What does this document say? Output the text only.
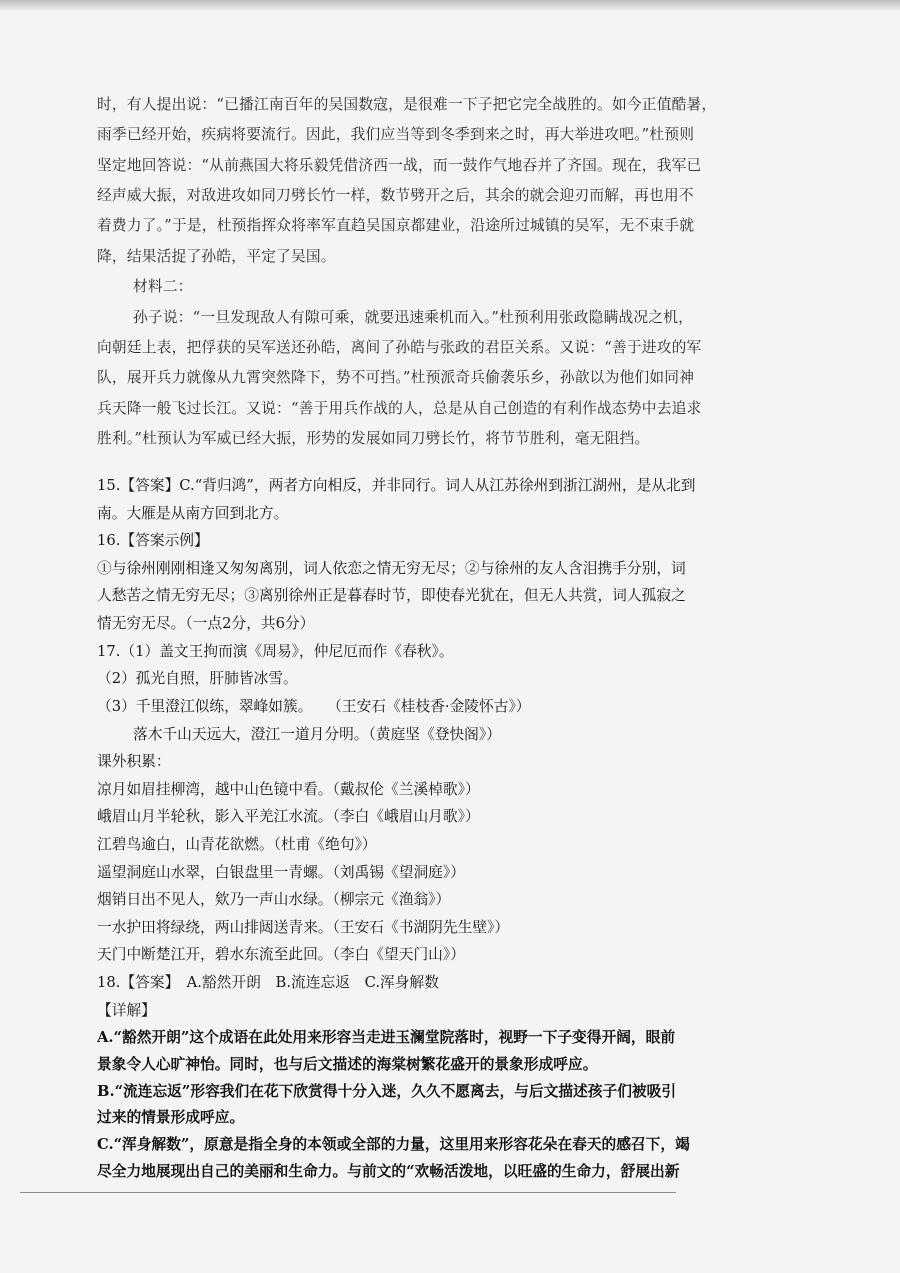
时，有人提出说：“已播江南百年的吴国数寇，是很难一下子把它完全战胜的。如今正值酷暑，
雨季已经开始，疾病将要流行。因此，我们应当等到冬季到来之时，再大举进攻吧。”杜预则
坚定地回答说：“从前燕国大将乐毅凭借济西一战，而一鼓作气地吞并了齐国。现在，我军已
经声威大振，对敌进攻如同刀劈长竹一样，数节劈开之后，其余的就会迎刃而解，再也用不
着费力了。”于是，杜预指挥众将率军直趋吴国京都建业，沿途所过城镇的吴军，无不束手就
降，结果活捉了孙皓，平定了吴国。
材料二：
孙子说：“一旦发现敌人有隙可乘，就要迅速乘机而入。”杜预利用张政隐瞒战况之机，
向朝廷上表，把俘获的吴军送还孙皓，离间了孙皓与张政的君臣关系。又说：“善于进攻的军
队，展开兵力就像从九霄突然降下，势不可挡。”杜预派奇兵偷袭乐乡，孙歆以为他们如同神
兵天降一般飞过长江。又说：“善于用兵作战的人，总是从自己创造的有利作战态势中去追求
胜利。”杜预认为军威已经大振，形势的发展如同刀劈长竹，将节节胜利，毫无阻挡。
15.【答案】C.“背归鸿”，两者方向相反，并非同行。词人从江苏徐州到浙江湖州，是从北到
南。大雁是从南方回到北方。
16.【答案示例】
①与徐州刚刚相逢又匆匆离别，词人依恋之情无穷无尽；②与徐州的友人含泪携手分别，词
人愁苦之情无穷无尽；③离别徐州正是暮春时节，即使春光犹在，但无人共赏，词人孤寂之
情无穷无尽。（一点2分，共6分）
17.（1）盖文王拘而演《周易》，仲尼厄而作《春秋》。
（2）孤光自照，肝肺皆冰雪。
（3）千里澄江似练，翠峰如簇。　　（王安石《桂枝香·金陵怀古》）
落木千山天远大，澄江一道月分明。（黄庭坚《登快阁》）
课外积累：
凉月如眉挂柳湾，越中山色镜中看。（戴叔伦《兰溪棹歌》）
峨眉山月半轮秋，影入平羌江水流。（李白《峨眉山月歌》）
江碧鸟逾白，山青花欲燃。（杜甫《绝句》）
遥望洞庭山水翠，白银盘里一青螺。（刘禹锡《望洞庭》）
烟销日出不见人，欸乃一声山水绿。（柳宗元《渔翁》）
一水护田将绿绕，两山排闼送青来。（王安石《书湖阴先生壁》）
天门中断楚江开，碧水东流至此回。（李白《望天门山》）
18.【答案】　A.豁然开朗　B.流连忘返　C.浑身解数
【详解】
A.“豁然开朗”这个成语在此处用来形容当走进玉澜堂院落时，视野一下子变得开阔，眼前
景象令人心旷神怡。同时，也与后文描述的海棠树繁花盛开的景象形成呼应。
B.“流连忘返”形容我们在花下欣赏得十分入迷，久久不愿离去，与后文描述孩子们被吸引
过来的情景形成呼应。
C.“浑身解数”，原意是指全身的本领或全部的力量，这里用来形容花朵在春天的感召下，竭
尽全力地展现出自己的美丽和生命力。与前文的“欢畅活泼地，以旺盛的生命力，舒展出新
